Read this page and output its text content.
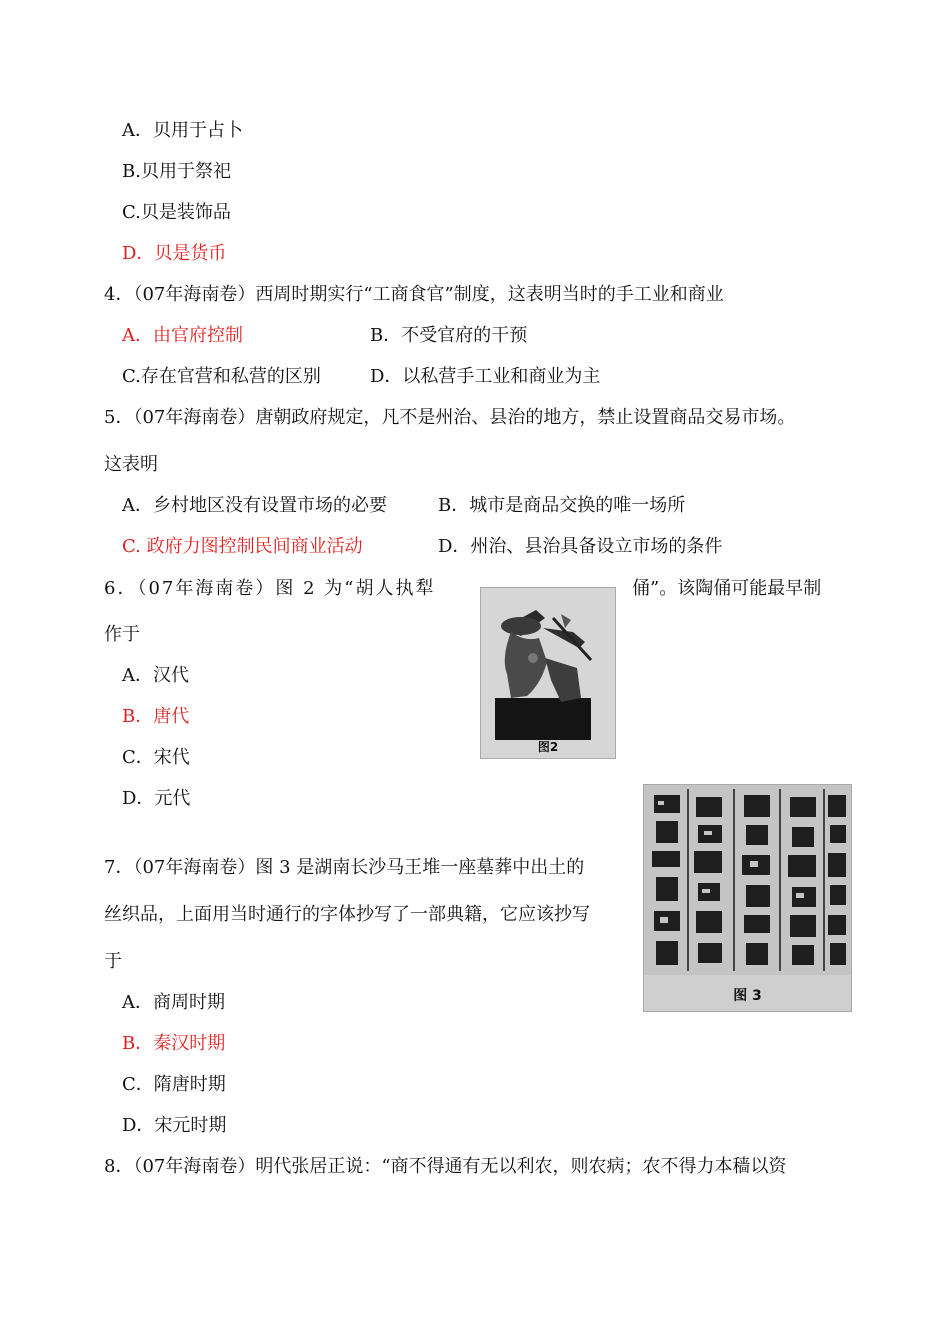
A．贝用于占卜
B.贝用于祭祀
C.贝是装饰品
D．贝是货币
4．（07年海南卷）西周时期实行“工商食官”制度，这表明当时的手工业和商业
A．由官府控制	B．不受官府的干预
C.存在官营和私营的区别	D．以私营手工业和商业为主
5．（07年海南卷）唐朝政府规定，凡不是州治、县治的地方，禁止设置商品交易市场。
这表明
A．乡村地区没有设置市场的必要	B．城市是商品交换的唯一场所
C. 政府力图控制民间商业活动	D．州治、县治具备设立市场的条件
6．（07年海南卷）图 2 为“胡人执犁	俑”。该陶俑可能最早制
作于
图2
A．汉代
B．唐代
C．宋代
D．元代
图 3
7．（07年海南卷）图 3 是湖南长沙马王堆一座墓葬中出土的
丝织品，上面用当时通行的字体抄写了一部典籍，它应该抄写
于
A．商周时期
B．秦汉时期
C．隋唐时期
D．宋元时期
8．（07年海南卷）明代张居正说：“商不得通有无以利农，则农病；农不得力本穑以资
